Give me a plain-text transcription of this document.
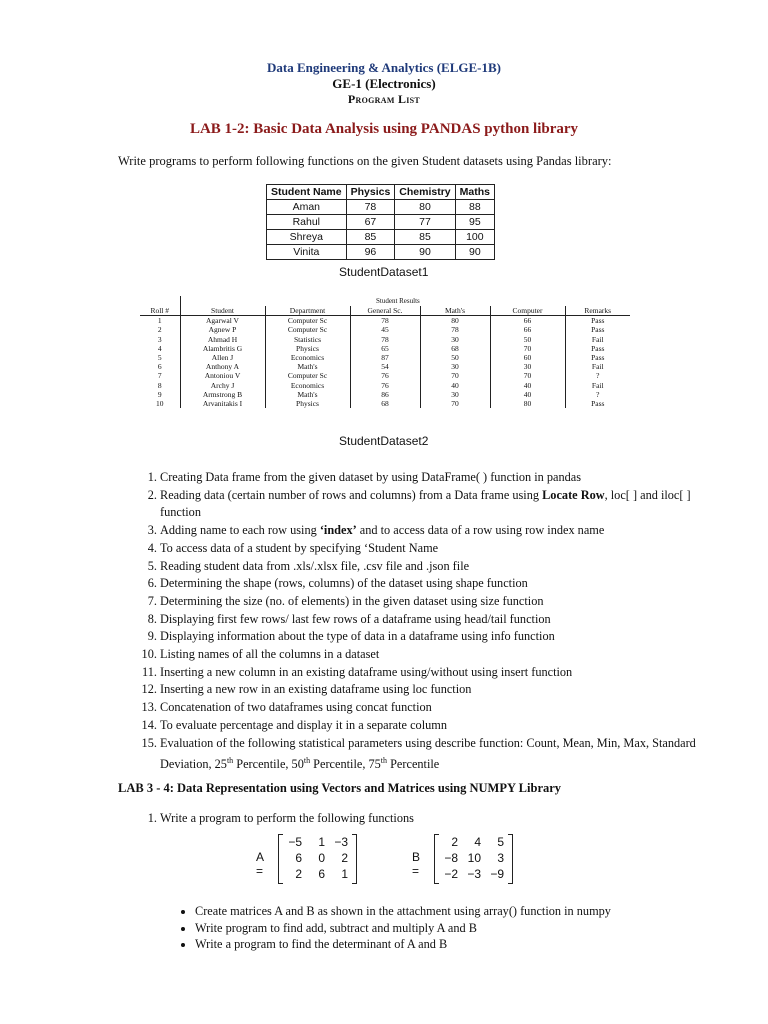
Data Engineering & Analytics (ELGE-1B)
GE-1 (Electronics)
Program List
LAB 1-2: Basic Data Analysis using PANDAS python library
Write programs to perform following functions on the given Student datasets using Pandas library:
Student Name	Physics	Chemistry	Maths
Aman	78	80	88
Rahul	67	77	95
Shreya	85	85	100
Vinita	96	90	90
StudentDataset1
Student Results
Roll #	Student	Department	General Sc.	Math's	Computer	Remarks
1	Agarwal V	Computer Sc	78	80	66	Pass
2	Agnew P	Computer Sc	45	78	66	Pass
3	Ahmad H	Statistics	78	30	50	Fail
4	Alambritis G	Physics	65	68	70	Pass
5	Allen J	Economics	87	50	60	Pass
6	Anthony A	Math's	54	30	30	Fail
7	Antoniou V	Computer Sc	76	70	70	?
8	Archy J	Economics	76	40	40	Fail
9	Armstrong B	Math's	86	30	40	?
10	Arvanitakis I	Physics	68	70	80	Pass
StudentDataset2
1. Creating Data frame from the given dataset by using DataFrame( ) function in pandas
2. Reading data (certain number of rows and columns) from a Data frame using Locate Row, loc[ ] and iloc[ ] function
3. Adding name to each row using ‘index’ and to access data of a row using row index name
4. To access data of a student by specifying ‘Student Name
5. Reading student data from .xls/.xlsx file, .csv file and .json file
6. Determining the shape (rows, columns) of the dataset using shape function
7. Determining the size (no. of elements) in the given dataset using size function
8. Displaying first few rows/ last few rows of a dataframe using head/tail function
9. Displaying information about the type of data in a dataframe using info function
10. Listing names of all the columns in a dataset
11. Inserting a new column in an existing dataframe using/without using insert function
12. Inserting a new row in an existing dataframe using loc function
13. Concatenation of two dataframes using concat function
14. To evaluate percentage and display it in a separate column
15. Evaluation of the following statistical parameters using describe function: Count, Mean, Min, Max, Standard Deviation, 25th Percentile, 50th Percentile, 75th Percentile
LAB 3 - 4: Data Representation using Vectors and Matrices using NUMPY Library
1. Write a program to perform the following functions
A =
−5	1 −3
6	0	2
2	6	1
B =
2	4	5
−8 10	3
−2 −3 −9
• Create matrices A and B as shown in the attachment using array() function in numpy
• Write program to find add, subtract and multiply A and B
• Write a program to find the determinant of A and B
